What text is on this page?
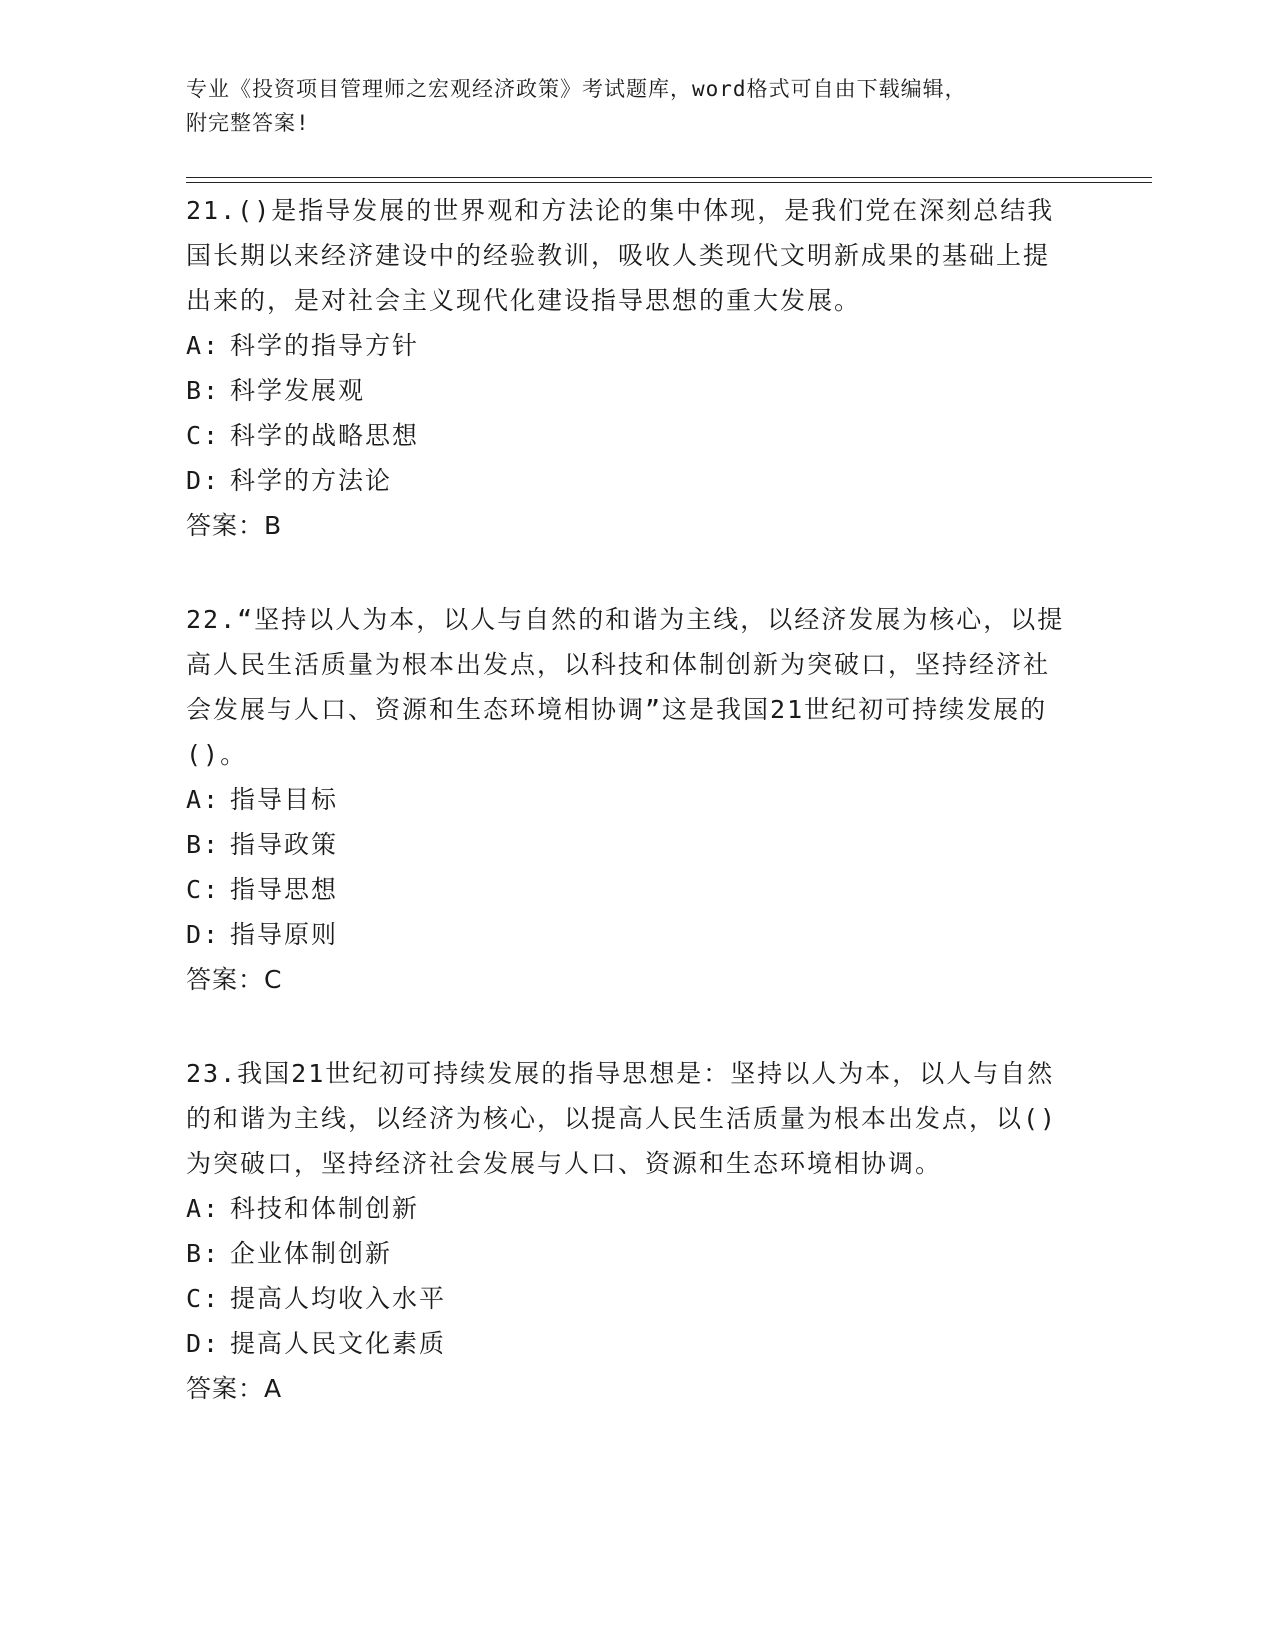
专业《投资项目管理师之宏观经济政策》考试题库，word格式可自由下载编辑，
附完整答案!

21.()是指导发展的世界观和方法论的集中体现，是我们党在深刻总结我国长期以来经济建设中的经验教训，吸收人类现代文明新成果的基础上提出来的，是对社会主义现代化建设指导思想的重大发展。

A: 科学的指导方针

B: 科学发展观

C: 科学的战略思想

D: 科学的方法论

答案：B

22.“坚持以人为本，以人与自然的和谐为主线，以经济发展为核心，以提高人民生活质量为根本出发点，以科技和体制创新为突破口，坚持经济社会发展与人口、资源和生态环境相协调”这是我国21世纪初可持续发展的()。

A: 指导目标

B: 指导政策

C: 指导思想

D: 指导原则

答案：C

23.我国21世纪初可持续发展的指导思想是：坚持以人为本，以人与自然的和谐为主线，以经济为核心，以提高人民生活质量为根本出发点，以()为突破口，坚持经济社会发展与人口、资源和生态环境相协调。

A: 科技和体制创新

B: 企业体制创新

C: 提高人均收入水平

D: 提高人民文化素质

答案：A
